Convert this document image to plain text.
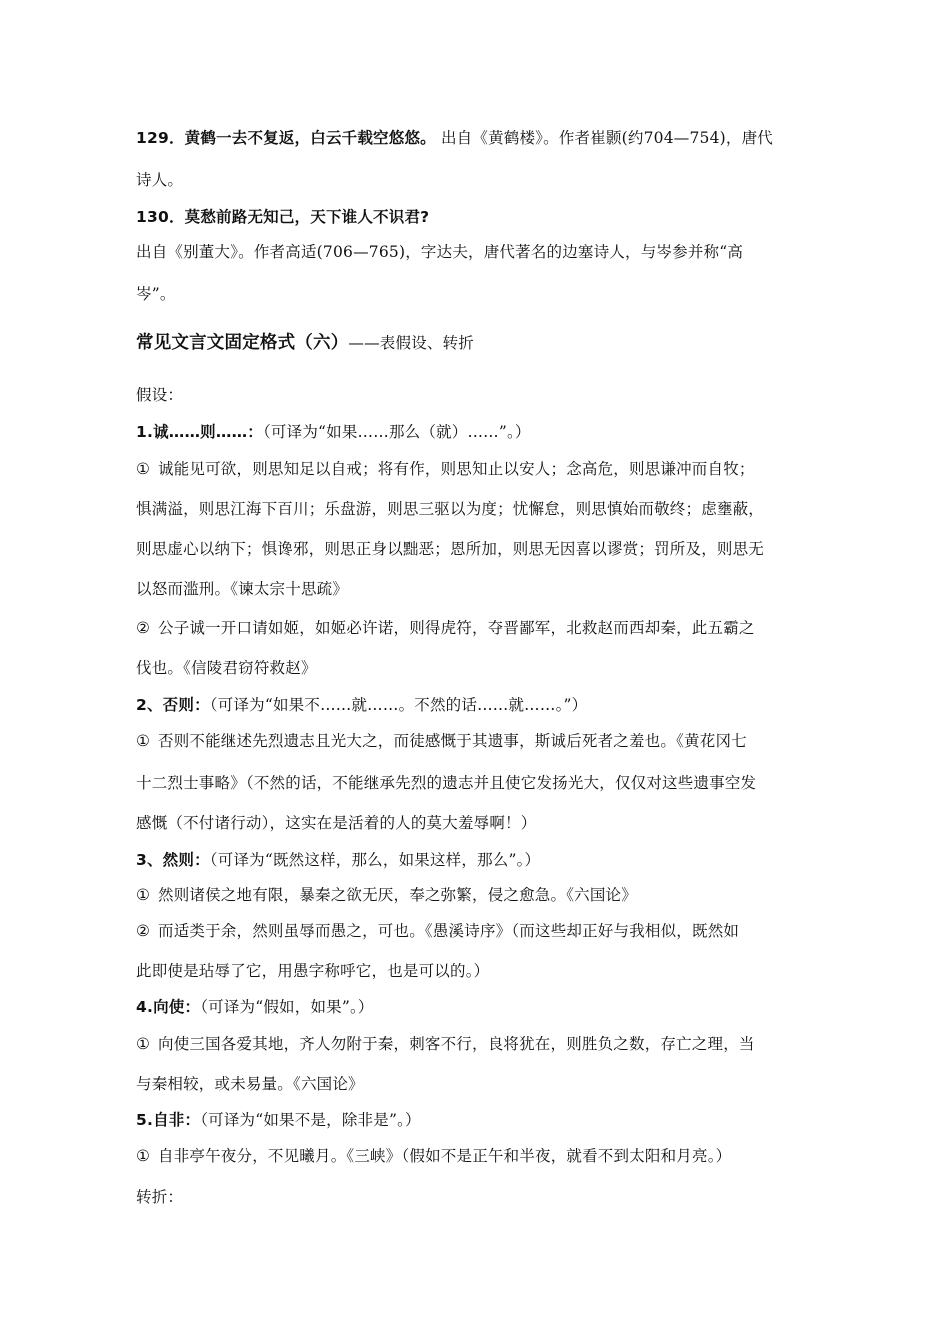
129．黄鹤一去不复返，白云千载空悠悠。 出自《黄鹤楼》。作者崔颢(约704—754)，唐代
诗人。
130．莫愁前路无知己，天下谁人不识君?
出自《别董大》。作者高适(706—765)，字达夫，唐代著名的边塞诗人，与岑参并称“高
岑”。
常见文言文固定格式（六）——表假设、转折
假设：
1.诚……则……：（可译为“如果……那么（就）……”。）
① 诚能见可欲，则思知足以自戒；将有作，则思知止以安人；念高危，则思谦冲而自牧；
惧满溢，则思江海下百川；乐盘游，则思三驱以为度；忧懈怠，则思慎始而敬终；虑壅蔽，
则思虚心以纳下；惧谗邪，则思正身以黜恶；恩所加，则思无因喜以谬赏；罚所及，则思无
以怒而滥刑。《谏太宗十思疏》
② 公子诚一开口请如姬，如姬必许诺，则得虎符，夺晋鄙军，北救赵而西却秦，此五霸之
伐也。《信陵君窃符救赵》
2、否则：（可译为“如果不……就……。不然的话……就……。”）
① 否则不能继述先烈遗志且光大之，而徒感慨于其遗事，斯诚后死者之羞也。《黄花冈七
十二烈士事略》（不然的话，不能继承先烈的遗志并且使它发扬光大，仅仅对这些遗事空发
感慨（不付诸行动），这实在是活着的人的莫大羞辱啊！）
3、然则：（可译为“既然这样，那么，如果这样，那么”。）
① 然则诸侯之地有限，暴秦之欲无厌，奉之弥繁，侵之愈急。《六国论》
② 而适类于余，然则虽辱而愚之，可也。《愚溪诗序》（而这些却正好与我相似，既然如
此即使是玷辱了它，用愚字称呼它，也是可以的。）
4.向使：（可译为“假如，如果”。）
① 向使三国各爱其地，齐人勿附于秦，刺客不行，良将犹在，则胜负之数，存亡之理，当
与秦相较，或未易量。《六国论》
5.自非：（可译为“如果不是，除非是”。）
① 自非亭午夜分，不见曦月。《三峡》（假如不是正午和半夜，就看不到太阳和月亮。）
转折：
